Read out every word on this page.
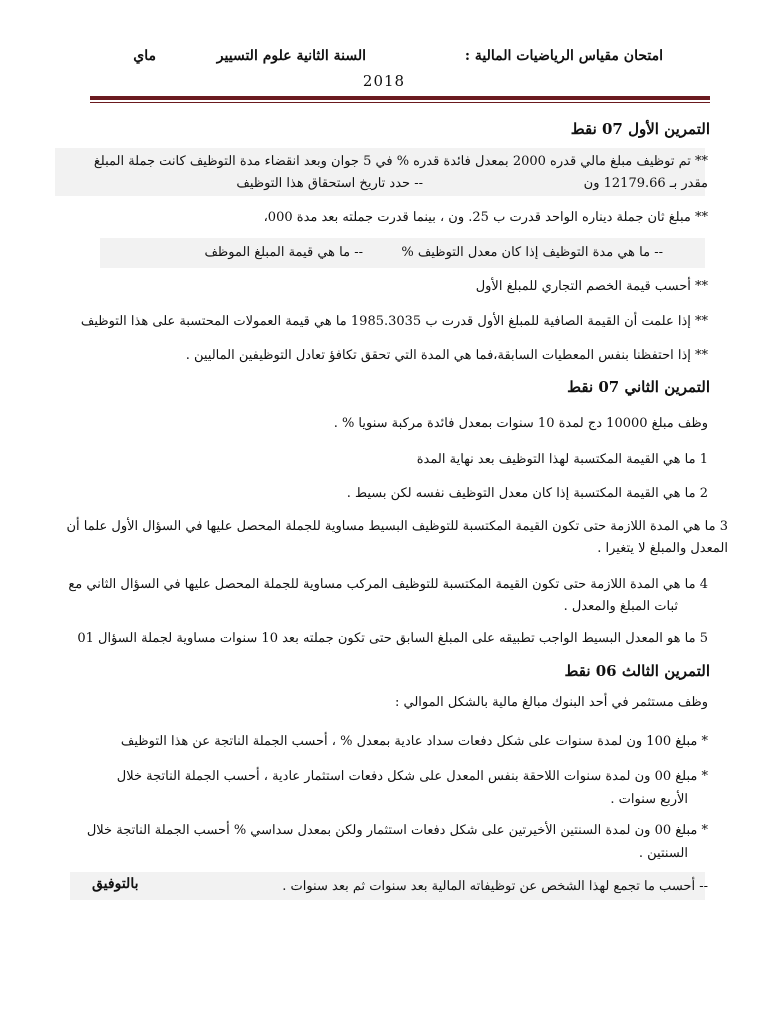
امتحان مقياس الرياضيات المالية :
السنة الثانية علوم التسيير
ماي
2018
التمرين الأول 07 نقط
** تم توظيف مبلغ مالي قدره 2000 بمعدل فائدة قدره % في 5 جوان وبعد انقضاء مدة التوظيف كانت جملة المبلغ
مقدر بـ 12179.66 ون
-- حدد تاريخ استحقاق هذا التوظيف
** مبلغ ثان جملة ديناره الواحد قدرت ب 25. ون ، بينما قدرت جملته بعد مدة 000،
-- ما هي قيمة المبلغ الموظف	-- ما هي مدة التوظيف إذا كان معدل التوظيف %
** أحسب قيمة الخصم التجاري للمبلغ الأول
** إذا علمت أن القيمة الصافية للمبلغ الأول قدرت ب 1985.3035 ما هي قيمة العمولات المحتسبة على هذا التوظيف
** إذا احتفظنا بنفس المعطيات السابقة،فما هي المدة التي تحقق تكافؤ تعادل التوظيفين الماليين .
التمرين الثاني 07 نقط
وظف مبلغ 10000 دج لمدة 10 سنوات بمعدل فائدة مركبة سنويا % .
1 ما هي القيمة المكتسبة لهذا التوظيف بعد نهاية المدة
2 ما هي القيمة المكتسبة إذا كان معدل التوظيف نفسه لكن بسيط .
3 ما هي المدة اللازمة حتى تكون القيمة المكتسبة للتوظيف البسيط مساوية للجملة المحصل عليها في السؤال الأول علما أن
المعدل والمبلغ لا يتغيرا .
4 ما هي المدة اللازمة حتى تكون القيمة المكتسبة للتوظيف المركب مساوية للجملة المحصل عليها في السؤال الثاني مع
ثبات المبلغ والمعدل .
5 ما هو المعدل البسيط الواجب تطبيقه على المبلغ السابق حتى تكون جملته بعد 10 سنوات مساوية لجملة السؤال 01
التمرين الثالث 06 نقط
وظف مستثمر في أحد البنوك مبالغ مالية بالشكل الموالي :
* مبلغ 100 ون لمدة سنوات على شكل دفعات سداد عادية بمعدل % ، أحسب الجملة الناتجة عن هذا التوظيف
* مبلغ 00 ون لمدة سنوات اللاحقة بنفس المعدل على شكل دفعات استثمار عادية ، أحسب الجملة الناتجة خلال
الأربع سنوات .
* مبلغ 00 ون لمدة السنتين الأخيرتين على شكل دفعات استثمار ولكن بمعدل سداسي % أحسب الجملة الناتجة خلال
السنتين .
-- أحسب ما تجمع لهذا الشخص عن توظيفاته المالية بعد سنوات ثم بعد سنوات .
بالتوفيق
